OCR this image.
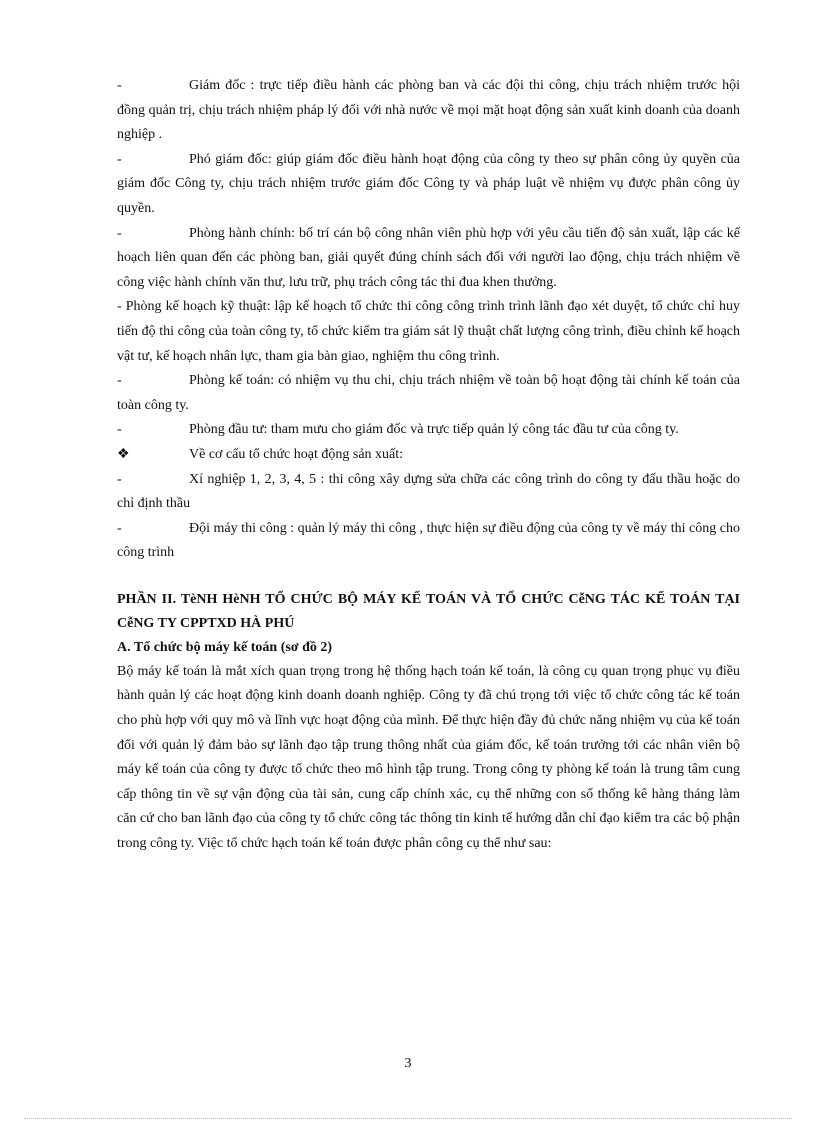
-	Giám đốc : trực tiếp điều hành các phòng ban và các đội thi công, chịu trách nhiệm trước hội đồng quản trị, chịu trách nhiệm pháp lý đối với nhà nước về mọi mặt hoạt động sản xuất kinh doanh của doanh nghiệp .

-	Phó giám đốc: giúp giám đốc điều hành hoạt động của công ty theo sự phân công ủy quyền của giám đốc Công ty, chịu trách nhiệm trước giám đốc Công ty và pháp luật về nhiệm vụ được phân công ủy quyền.

-	Phòng hành chính: bố trí cán bộ công nhân viên phù hợp với yêu cầu tiến độ sản xuất, lập các kế hoạch liên quan đến các phòng ban, giải quyết đúng chính sách đối với người lao động, chịu trách nhiệm về công việc hành chính văn thư, lưu trữ, phụ trách công tác thi đua khen thưởng.

- Phòng kế hoạch kỹ thuật: lập kế hoạch tổ chức thi công công trình trình lãnh đạo xét duyệt, tổ chức chỉ huy tiến độ thi công của toàn công ty, tổ chức kiểm tra giám sát lỹ thuật chất lượng công trình, điều chỉnh kế hoạch vật tư, kế hoạch nhân lực, tham gia bàn giao, nghiệm thu công trình.

-	Phòng kế toán: có nhiệm vụ thu chi, chịu trách nhiệm về toàn bộ hoạt động tài chính kế toán của toàn công ty.

-	Phòng đầu tư: tham mưu cho giám đốc và trực tiếp quản lý công tác đầu tư của công ty.

❖	Về cơ cấu tổ chức hoạt động sản xuất:

-	Xí nghiệp 1, 2, 3, 4, 5 : thi công xây dựng sửa chữa các công trình do công ty đấu thầu hoặc do chỉ định thầu

-	Đội máy thi công : quản lý máy thi công , thực hiện sự điều động của công ty về máy thi công cho công trình

PHẦN II. TèNH HèNH TỔ CHỨC BỘ MÁY KẾ TOÁN VÀ TỔ CHỨC CễNG TÁC KẾ TOÁN TẠI CễNG TY CPPTXD HÀ PHÚ

A. Tổ chức bộ máy kế toán (sơ đồ 2)

Bộ máy kế toán là mắt xích quan trọng trong hệ thống hạch toán kế toán, là công cụ quan trọng phục vụ điều hành quản lý các hoạt động kinh doanh doanh nghiệp. Công ty đã chú trọng tới việc tổ chức công tác kế toán cho phù hợp với quy mô và lĩnh vực hoạt động của mình. Để thực hiện đầy đủ chức năng nhiệm vụ của kế toán đối với quản lý đảm bảo sự lãnh đạo tập trung thông nhất của giám đốc, kế toán trưởng tới các nhân viên bộ máy kế toán của công ty được tổ chức theo mô hình tập trung. Trong công ty phòng kế toán là trung tâm cung cấp thông tin về sự vận động của tài sản, cung cấp chính xác, cụ thể những con số thống kê hàng tháng làm căn cứ cho ban lãnh đạo của công ty tổ chức công tác thông tin kinh tế hướng dẫn chỉ đạo kiểm tra các bộ phận trong công ty. Việc tổ chức hạch toán kế toán được phân công cụ thể như sau:

3
